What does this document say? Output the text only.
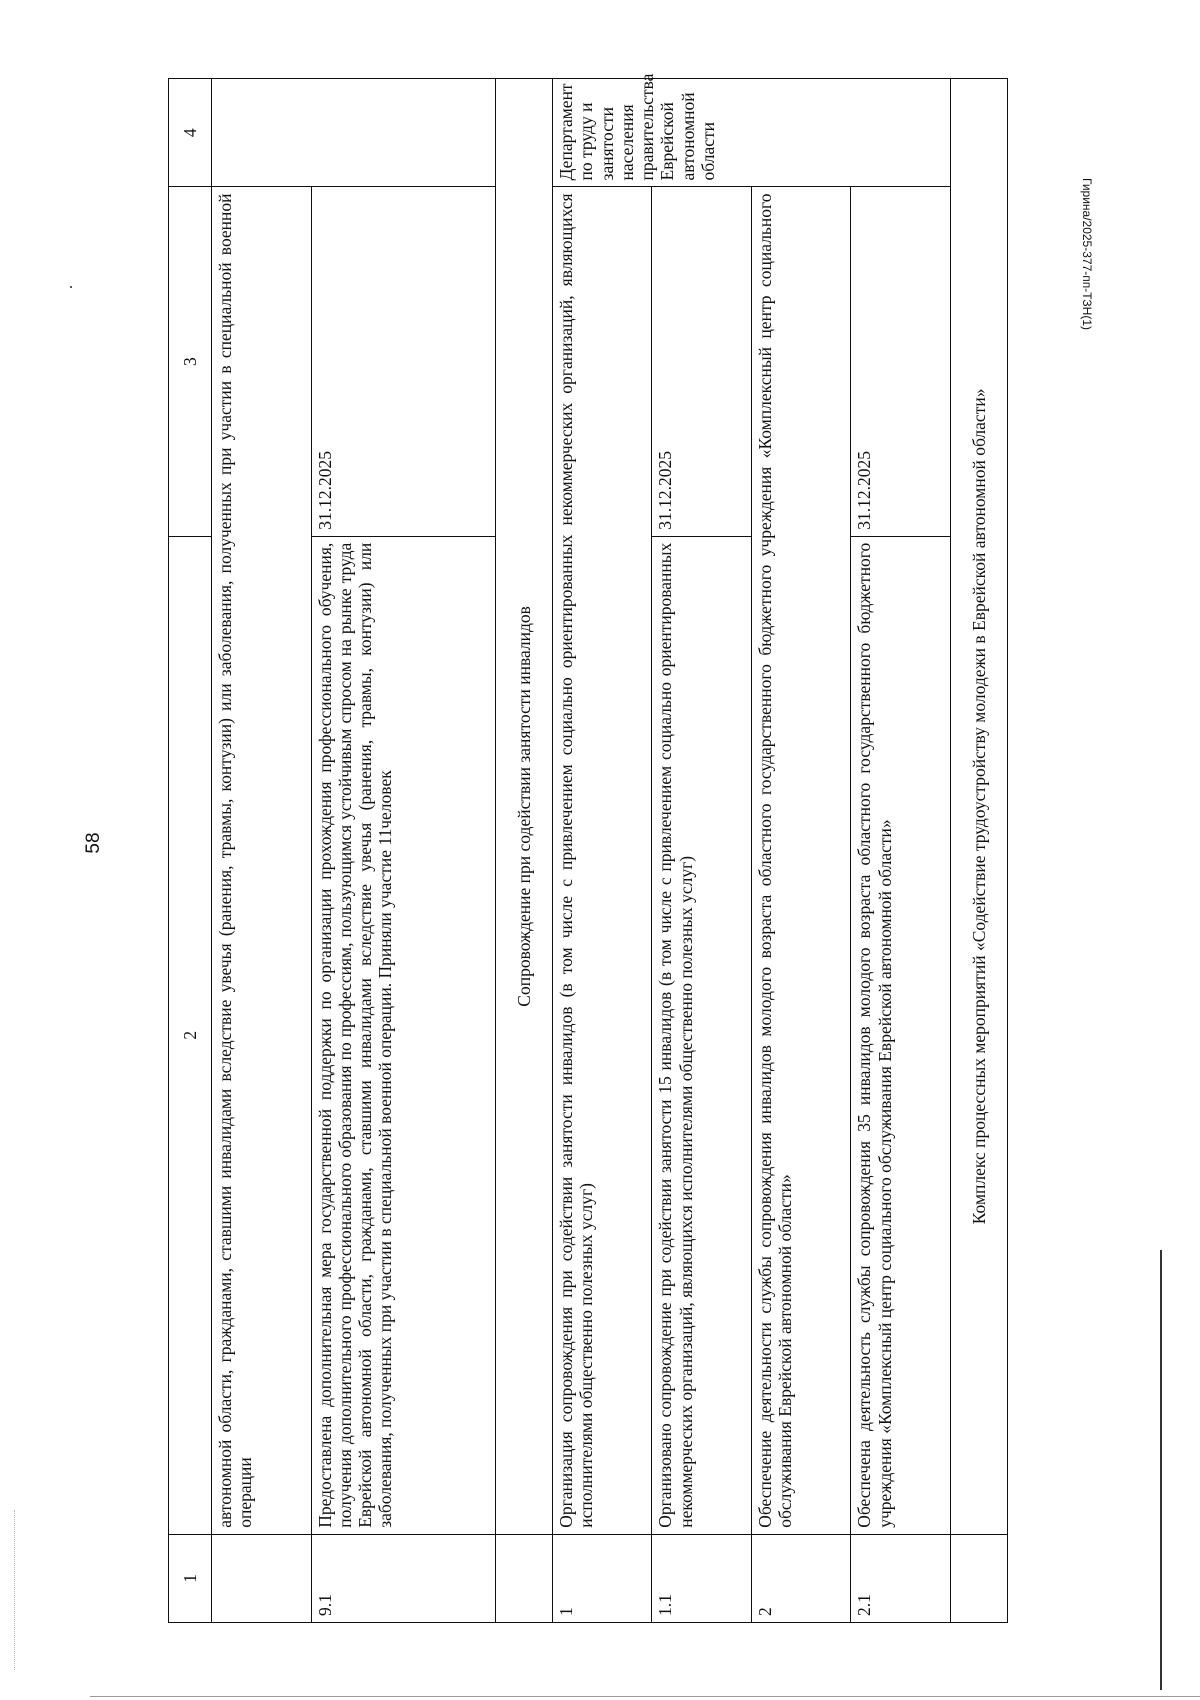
58
Гирина/2025-377-пп-ТЗН(1)
1	2	3	4
	автономной области, гражданами, ставшими инвалидами вследствие увечья (ранения, травмы, контузии) или заболевания, полученных при участии в специальной военной операции		
9.1	Предоставлена дополнительная мера государственной поддержки по организации прохождения профессионального обучения, получения дополнительного профессионального образования по профессиям, пользующимся устойчивым спросом на рынке труда Еврейской автономной области, гражданами, ставшими инвалидами вследствие увечья (ранения, травмы, контузии) или заболевания, полученных при участии в специальной военной операции. Приняли участие 11человек	31.12.2025	
	Сопровождение при содействии занятости инвалидов		
1	Организация сопровождения при содействии занятости инвалидов (в том числе с привлечением социально ориентированных некоммерческих организаций, являющихся исполнителями общественно полезных услуг)		Департамент по труду и занятости населения правительства Еврейской автономной области
1.1	Организовано сопровождение при содействии занятости 15 инвалидов (в том числе с привлечением социально ориентированных некоммерческих организаций, являющихся исполнителями общественно полезных услуг)	31.12.2025	
2	Обеспечение деятельности службы сопровождения инвалидов молодого возраста областного государственного бюджетного учреждения «Комплексный центр социального обслуживания Еврейской автономной области»		
2.1	Обеспечена деятельность службы сопровождения 35 инвалидов молодого возраста областного государственного бюджетного учреждения «Комплексный центр социального обслуживания Еврейской автономной области»	31.12.2025	
	Комплекс процессных мероприятий «Содействие трудоустройству молодежи в Еврейской автономной области»		
